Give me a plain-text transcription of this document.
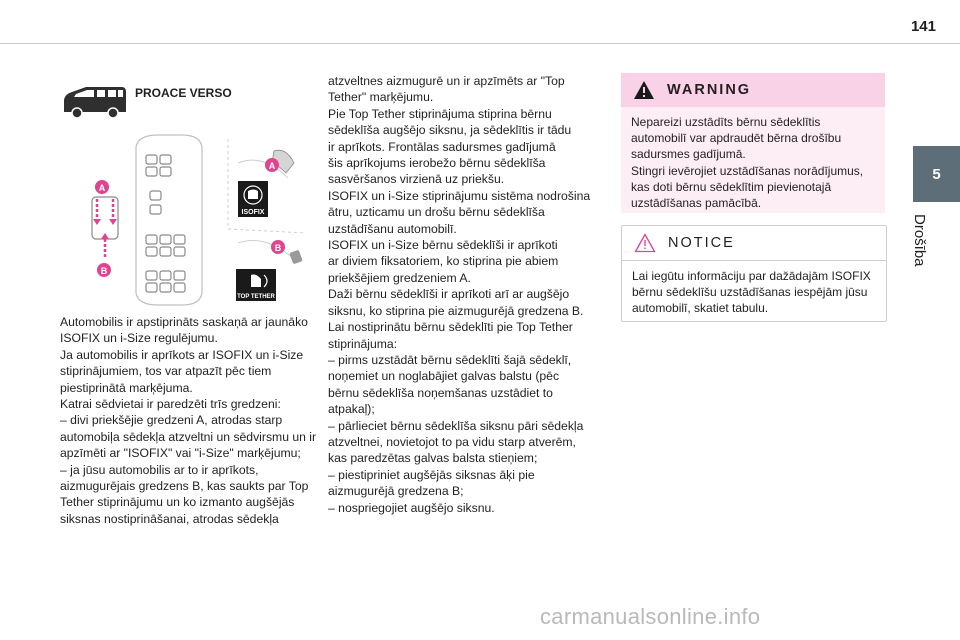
141
5
Drošība
PROACE VERSO
A
B
A
B
ISOFIX
TOP TETHER

Automobilis ir apstiprināts saskaņā ar jaunāko

ISOFIX un i-Size regulējumu.

Ja automobilis ir aprīkots ar ISOFIX un i-Size

stiprinājumiem, tos var atpazīt pēc tiem

piestiprinātā marķējuma.

Katrai sēdvietai ir paredzēti trīs gredzeni:

– divi priekšējie gredzeni A, atrodas starp

automobiļa sēdekļa atzveltni un sēdvirsmu un ir

apzīmēti ar "ISOFIX" vai "i-Size" marķējumu;

– ja jūsu automobilis ar to ir aprīkots,

aizmugurējais gredzens B, kas saukts par Top

Tether stiprinājumu un ko izmanto augšējās

siksnas nostiprināšanai, atrodas sēdekļa

atzveltnes aizmugurē un ir apzīmēts ar "Top

Tether" marķējumu.

Pie Top Tether stiprinājuma stiprina bērnu

sēdeklīša augšējo siksnu, ja sēdeklītis ir tādu

ir aprīkots. Frontālas sadursmes gadījumā

šis aprīkojums ierobežo bērnu sēdeklīša

sasvēršanos virzienā uz priekšu.

ISOFIX un i-Size stiprinājumu sistēma nodrošina

ātru, uzticamu un drošu bērnu sēdeklīša

uzstādīšanu automobilī.

ISOFIX un i-Size bērnu sēdeklīši ir aprīkoti

ar diviem fiksatoriem, ko stiprina pie abiem

priekšējiem gredzeniem A.

Daži bērnu sēdeklīši ir aprīkoti arī ar augšējo

siksnu, ko stiprina pie aizmugurējā gredzena B.

Lai nostiprinātu bērnu sēdeklīti pie Top Tether

stiprinājuma:

– pirms uzstādāt bērnu sēdeklīti šajā sēdeklī,

noņemiet un noglabājiet galvas balstu (pēc

bērnu sēdeklīša noņemšanas uzstādiet to

atpakaļ);

– pārlieciet bērnu sēdeklīša siksnu pāri sēdekļa

atzveltnei, novietojot to pa vidu starp atverēm,

kas paredzētas galvas balsta stieņiem;

– piestipriniet augšējās siksnas āķi pie

aizmugurējā gredzena B;

– nospriegojiet augšējo siksnu.

WARNING

Nepareizi uzstādīts bērnu sēdeklītis

automobilī var apdraudēt bērna drošību

sadursmes gadījumā.

Stingri ievērojiet uzstādīšanas norādījumus,

kas doti bērnu sēdeklītim pievienotajā

uzstādīšanas pamācībā.

NOTICE

Lai iegūtu informāciju par dažādajām ISOFIX

bērnu sēdeklīšu uzstādīšanas iespējām jūsu

automobilī, skatiet tabulu.

carmanualsonline.info
